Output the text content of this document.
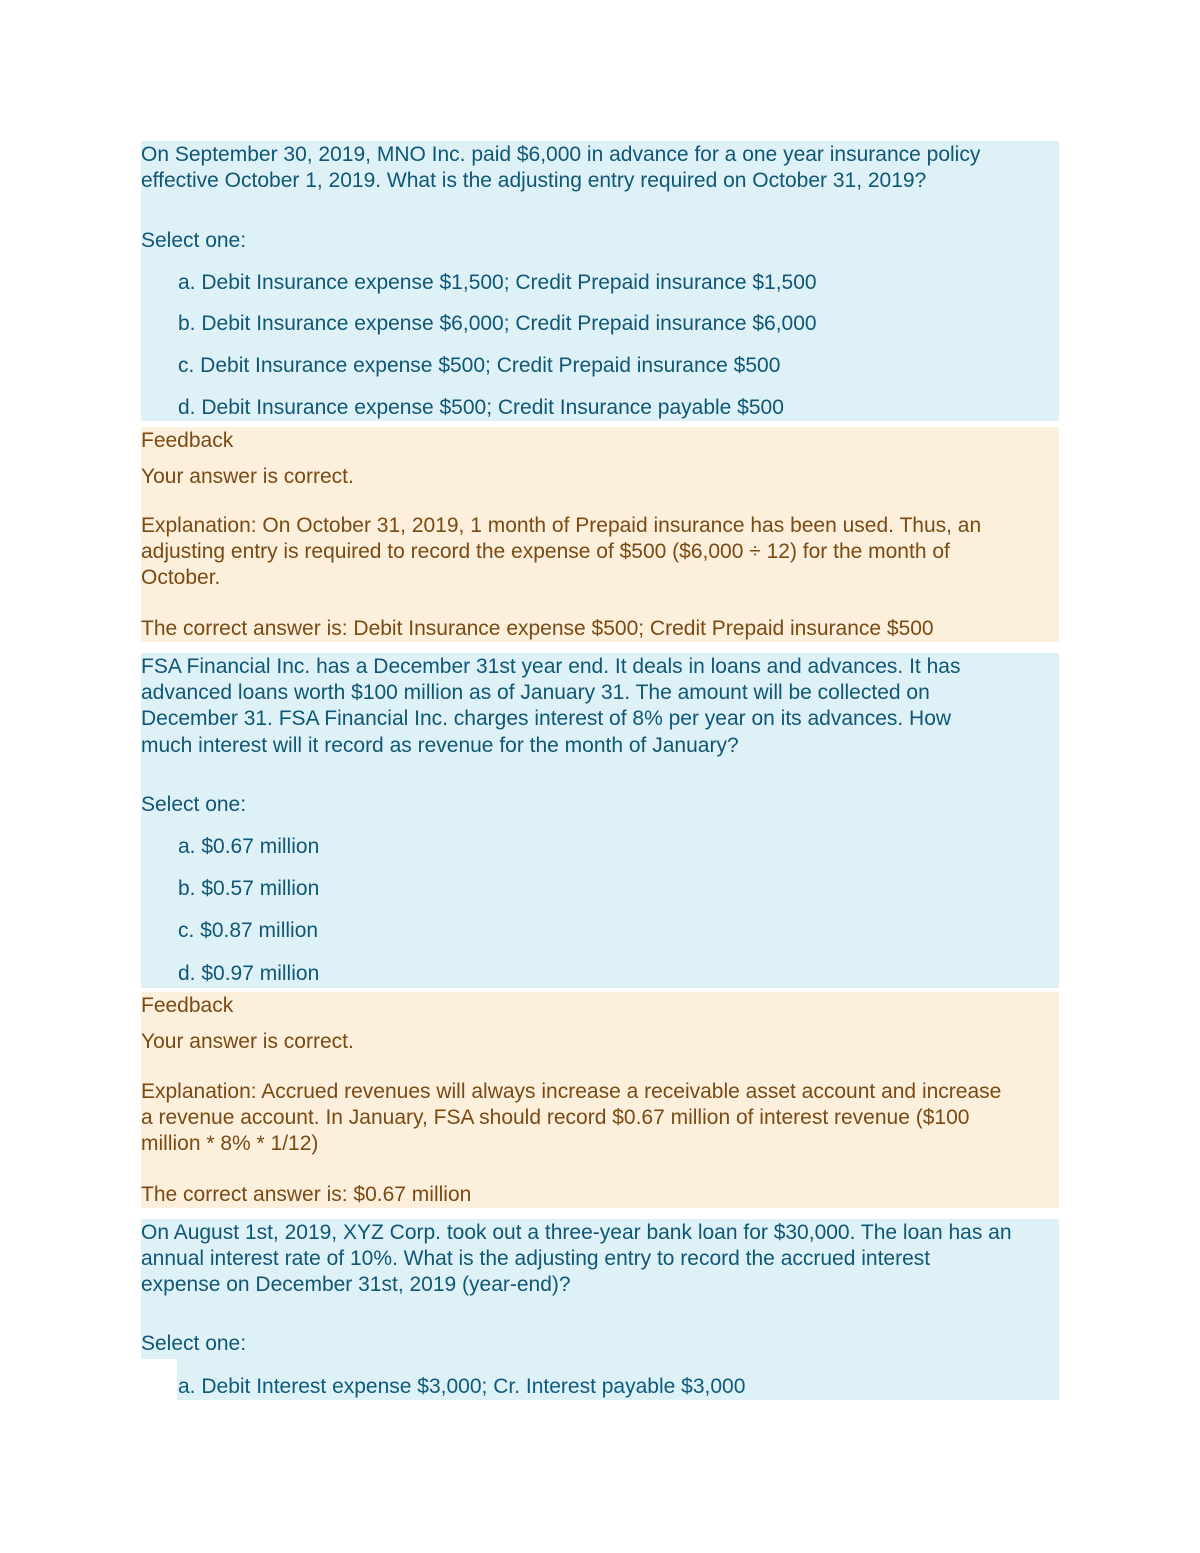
On September 30, 2019, MNO Inc. paid $6,000 in advance for a one year insurance policy
effective October 1, 2019. What is the adjusting entry required on October 31, 2019?
Select one:
a. Debit Insurance expense $1,500; Credit Prepaid insurance $1,500
b. Debit Insurance expense $6,000; Credit Prepaid insurance $6,000
c. Debit Insurance expense $500; Credit Prepaid insurance $500
d. Debit Insurance expense $500; Credit Insurance payable $500
Feedback
Your answer is correct.
Explanation: On October 31, 2019, 1 month of Prepaid insurance has been used. Thus, an
adjusting entry is required to record the expense of $500 ($6,000 ÷ 12) for the month of
October.
The correct answer is: Debit Insurance expense $500; Credit Prepaid insurance $500
FSA Financial Inc. has a December 31st year end. It deals in loans and advances. It has
advanced loans worth $100 million as of January 31. The amount will be collected on
December 31. FSA Financial Inc. charges interest of 8% per year on its advances. How
much interest will it record as revenue for the month of January?
Select one:
a. $0.67 million
b. $0.57 million
c. $0.87 million
d. $0.97 million
Feedback
Your answer is correct.
Explanation: Accrued revenues will always increase a receivable asset account and increase
a revenue account. In January, FSA should record $0.67 million of interest revenue ($100
million * 8% * 1/12)
The correct answer is: $0.67 million
On August 1st, 2019, XYZ Corp. took out a three-year bank loan for $30,000. The loan has an
annual interest rate of 10%. What is the adjusting entry to record the accrued interest
expense on December 31st, 2019 (year-end)?
Select one:
a. Debit Interest expense $3,000; Cr. Interest payable $3,000
